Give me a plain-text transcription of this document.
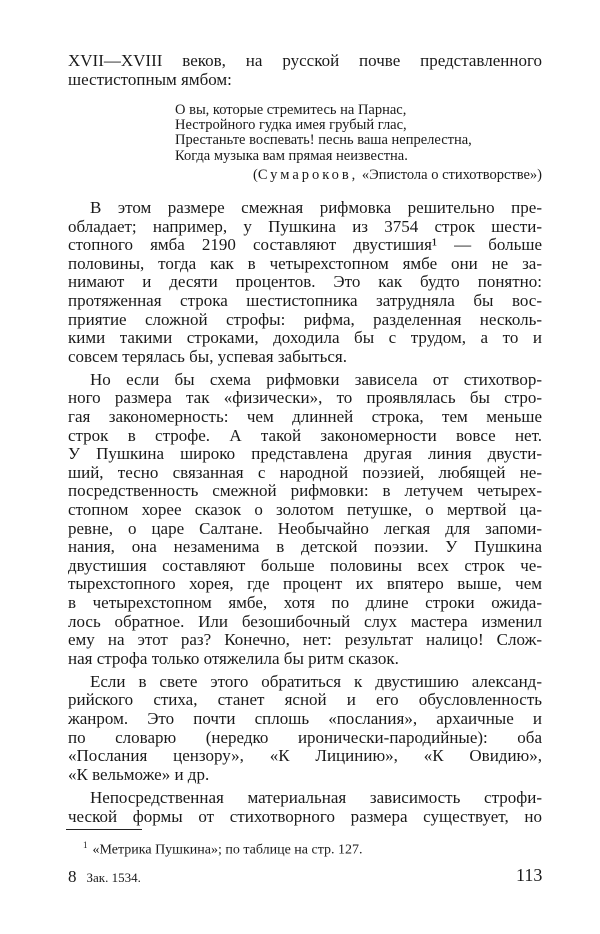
XVII—XVIII веков, на русской почве представленного
шестистопным ямбом:
О вы, которые стремитесь на Парнас,
Нестройного гудка имея грубый глас,
Престаньте воспевать! песнь ваша непрелестна,
Когда музыка вам прямая неизвестна.
(Сумароков, «Эпистола о стихотворстве»)
В этом размере смежная рифмовка решительно пре-
обладает; например, у Пушкина из 3754 строк шести-
стопного ямба 2190 составляют двустишия¹ — больше
половины, тогда как в четырехстопном ямбе они не за-
нимают и десяти процентов. Это как будто понятно:
протяженная строка шестистопника затрудняла бы вос-
приятие сложной строфы: рифма, разделенная несколь-
кими такими строками, доходила бы с трудом, а то и
совсем терялась бы, успевая забыться.
Но если бы схема рифмовки зависела от стихотвор-
ного размера так «физически», то проявлялась бы стро-
гая закономерность: чем длинней строка, тем меньше
строк в строфе. А такой закономерности вовсе нет.
У Пушкина широко представлена другая линия двусти-
ший, тесно связанная с народной поэзией, любящей не-
посредственность смежной рифмовки: в летучем четырех-
стопном хорее сказок о золотом петушке, о мертвой ца-
ревне, о царе Салтане. Необычайно легкая для запоми-
нания, она незаменима в детской поэзии. У Пушкина
двустишия составляют больше половины всех строк че-
тырехстопного хорея, где процент их впятеро выше, чем
в четырехстопном ямбе, хотя по длине строки ожида-
лось обратное. Или безошибочный слух мастера изменил
ему на этот раз? Конечно, нет: результат налицо! Слож-
ная строфа только отяжелила бы ритм сказок.
Если в свете этого обратиться к двустишию александ-
рийского стиха, станет ясной и его обусловленность
жанром. Это почти сплошь «послания», архаичные и
по словарю (нередко иронически-пародийные): оба
«Послания цензору», «К Лицинию», «К Овидию»,
«К вельможе» и др.
Непосредственная материальная зависимость строфи-
ческой формы от стихотворного размера существует, но
$^1$ «Метрика Пушкина»; по таблице на стр. 127.
8 Зак. 1534.	113
